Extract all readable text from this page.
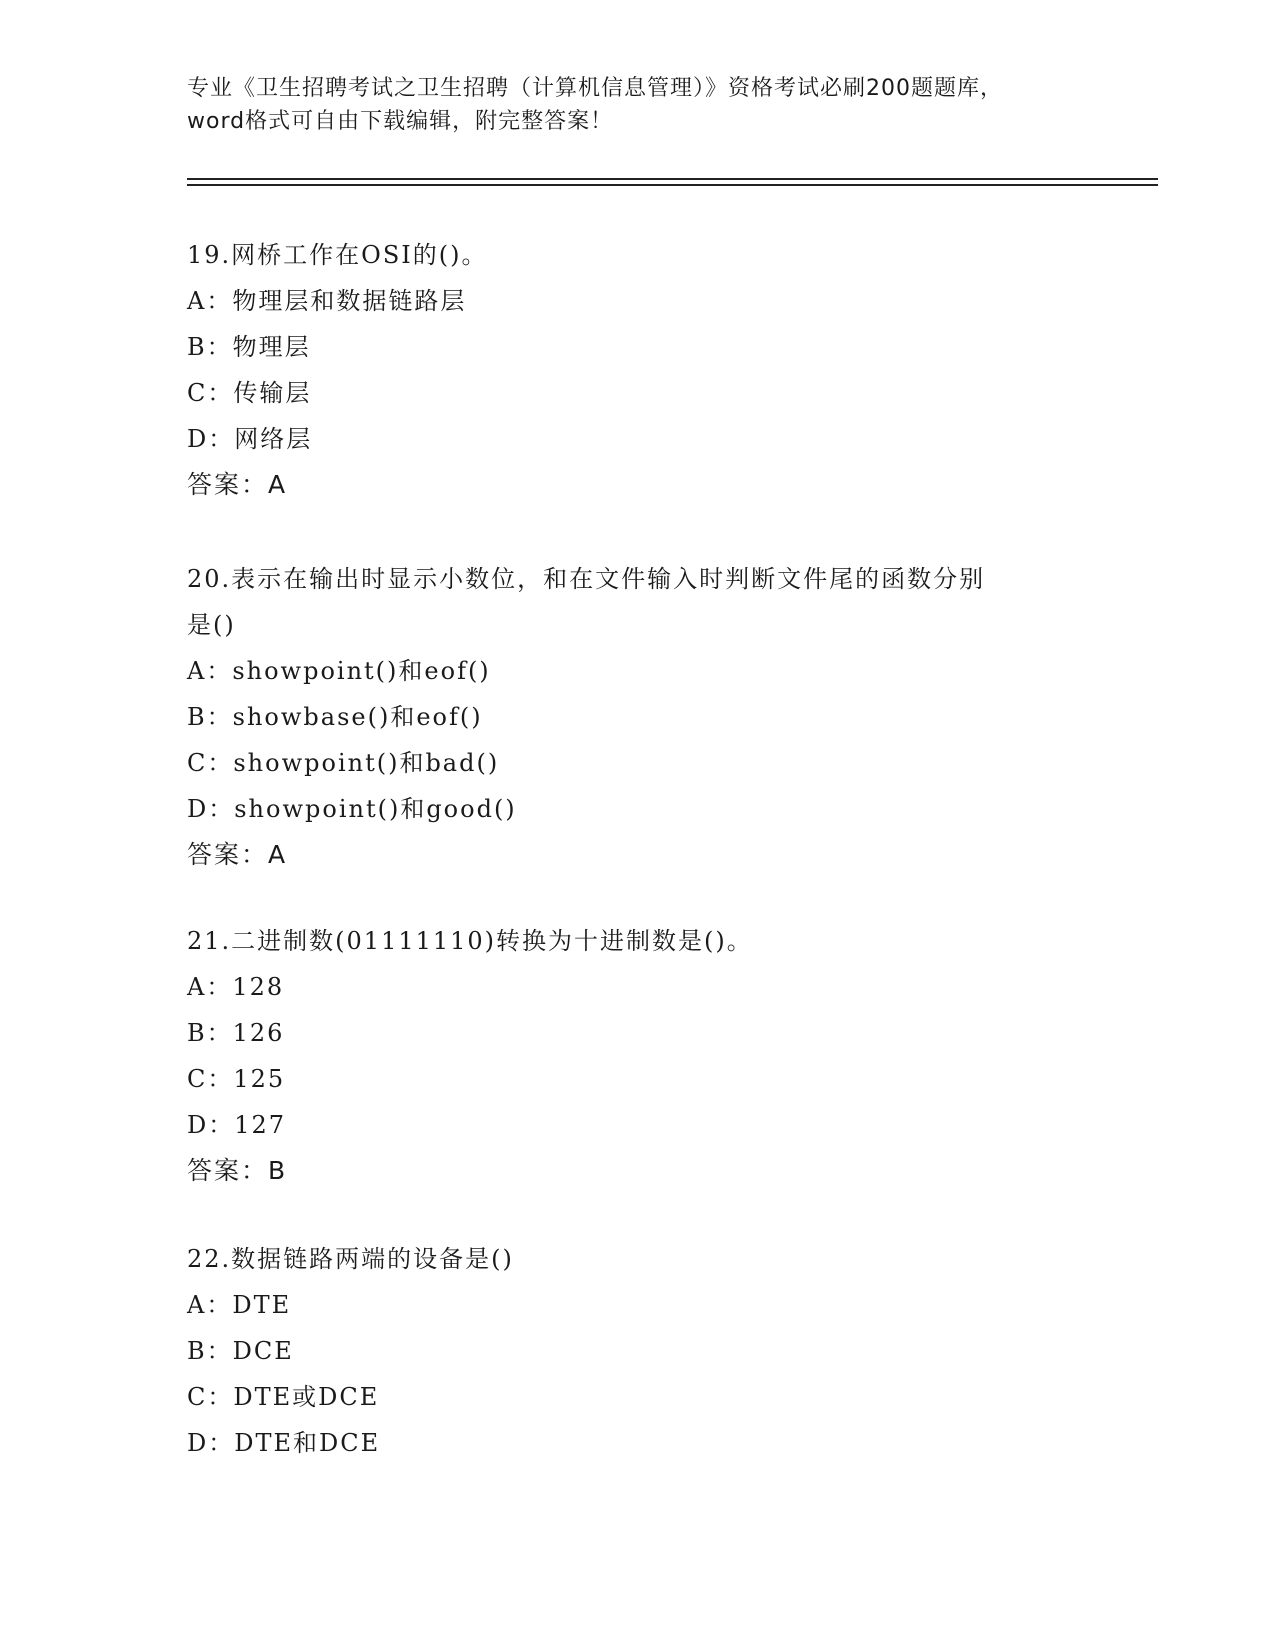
专业《卫生招聘考试之卫生招聘（计算机信息管理）》资格考试必刷200题题库，
word格式可自由下载编辑，附完整答案！
19.网桥工作在OSI的()。
A：物理层和数据链路层
B：物理层
C：传输层
D：网络层
答案：A
20.表示在输出时显示小数位，和在文件输入时判断文件尾的函数分别
是()
A：showpoint()和eof()
B：showbase()和eof()
C：showpoint()和bad()
D：showpoint()和good()
答案：A
21.二进制数(01111110)转换为十进制数是()。
A：128
B：126
C：125
D：127
答案：B
22.数据链路两端的设备是()
A：DTE
B：DCE
C：DTE或DCE
D：DTE和DCE
